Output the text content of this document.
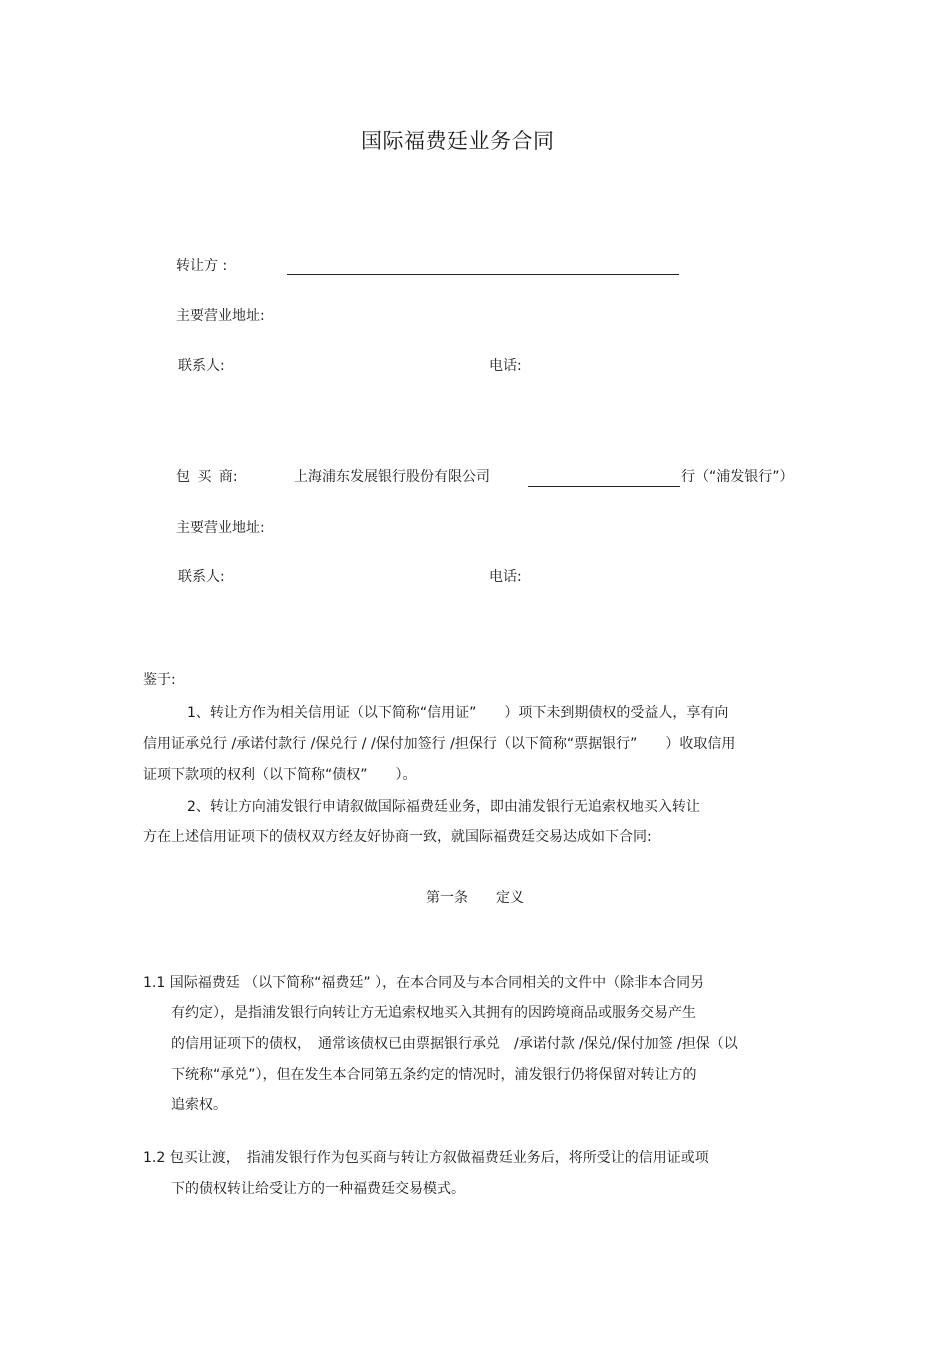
国际福费廷业务合同
转让方 :
主要营业地址:
联系人:	电话:
包 买 商:	上海浦东发展银行股份有限公司	行（“浦发银行”）
主要营业地址:
联系人:	电话:
鉴于:
1、转让方作为相关信用证（以下简称“信用证”　　）项下未到期债权的受益人，享有向
信用证承兑行 /承诺付款行 /保兑行 / /保付加签行 /担保行（以下简称“票据银行”　　）收取信用
证项下款项的权利（以下简称“债权”　　）。
2、转让方向浦发银行申请叙做国际福费廷业务，即由浦发银行无追索权地买入转让
方在上述信用证项下的债权双方经友好协商一致，就国际福费廷交易达成如下合同:
第一条　　定义
1.1 国际福费廷 （以下简称“福费廷” ），在本合同及与本合同相关的文件中（除非本合同另
有约定），是指浦发银行向转让方无追索权地买入其拥有的因跨境商品或服务交易产生
的信用证项下的债权，　通常该债权已由票据银行承兑　/承诺付款 /保兑/保付加签 /担保（以
下统称“承兑”），但在发生本合同第五条约定的情况时，浦发银行仍将保留对转让方的
追索权。
1.2 包买让渡，　指浦发银行作为包买商与转让方叙做福费廷业务后，将所受让的信用证或项
下的债权转让给受让方的一种福费廷交易模式。
